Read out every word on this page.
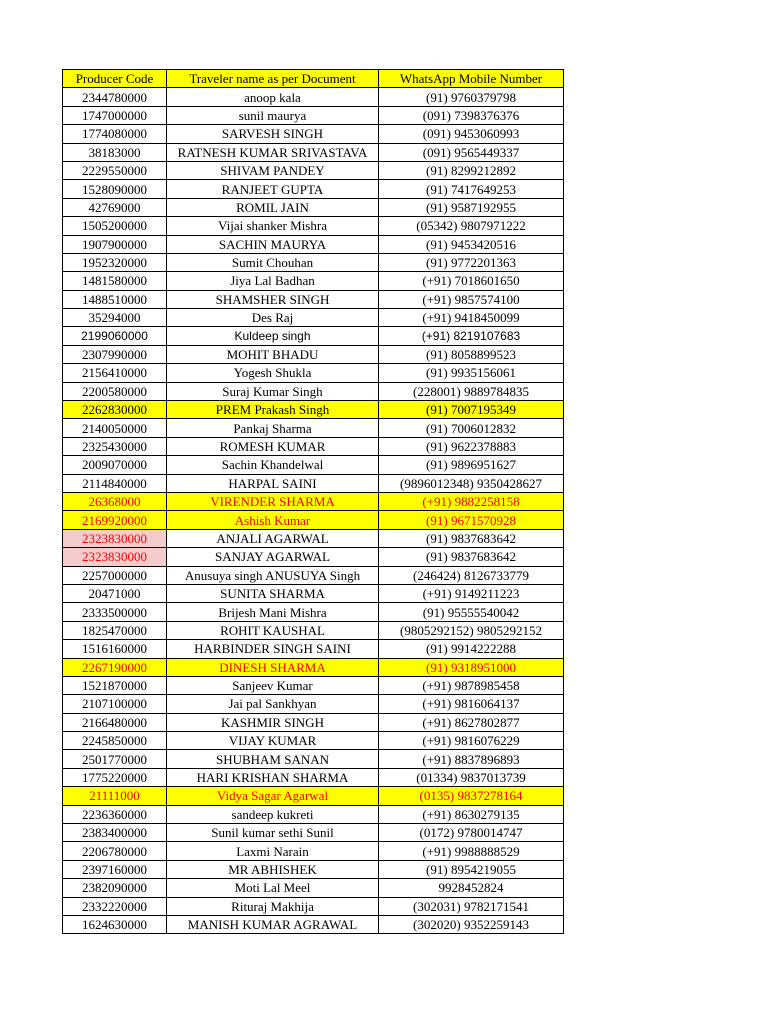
Producer Code	Traveler name as per Document	WhatsApp Mobile Number
2344780000	anoop kala	(91) 9760379798
1747000000	sunil maurya	(091) 7398376376
1774080000	SARVESH SINGH	(091) 9453060993
38183000	RATNESH KUMAR SRIVASTAVA	(091) 9565449337
2229550000	SHIVAM PANDEY	(91) 8299212892
1528090000	RANJEET GUPTA	(91) 7417649253
42769000	ROMIL JAIN	(91) 9587192955
1505200000	Vijai shanker Mishra	(05342) 9807971222
1907900000	SACHIN MAURYA	(91) 9453420516
1952320000	Sumit Chouhan	(91) 9772201363
1481580000	Jiya Lal Badhan	(+91) 7018601650
1488510000	SHAMSHER SINGH	(+91) 9857574100
35294000	Des Raj	(+91) 9418450099
2199060000	Kuldeep singh	(+91) 8219107683
2307990000	MOHIT BHADU	(91) 8058899523
2156410000	Yogesh Shukla	(91) 9935156061
2200580000	Suraj Kumar Singh	(228001) 9889784835
2262830000	PREM Prakash Singh	(91) 7007195349
2140050000	Pankaj Sharma	(91) 7006012832
2325430000	ROMESH KUMAR	(91) 9622378883
2009070000	Sachin Khandelwal	(91) 9896951627
2114840000	HARPAL SAINI	(9896012348) 9350428627
26368000	VIRENDER SHARMA	(+91) 9882258158
2169920000	Ashish Kumar	(91) 9671570928
2323830000	ANJALI AGARWAL	(91) 9837683642
2323830000	SANJAY AGARWAL	(91) 9837683642
2257000000	Anusuya singh ANUSUYA Singh	(246424) 8126733779
20471000	SUNITA SHARMA	(+91) 9149211223
2333500000	Brijesh Mani Mishra	(91) 95555540042
1825470000	ROHIT KAUSHAL	(9805292152) 9805292152
1516160000	HARBINDER SINGH SAINI	(91) 9914222288
2267190000	DINESH SHARMA	(91) 9318951000
1521870000	Sanjeev Kumar	(+91) 9878985458
2107100000	Jai pal Sankhyan	(+91) 9816064137
2166480000	KASHMIR SINGH	(+91) 8627802877
2245850000	VIJAY KUMAR	(+91) 9816076229
2501770000	SHUBHAM SANAN	(+91) 8837896893
1775220000	HARI KRISHAN SHARMA	(01334) 9837013739
21111000	Vidya Sagar Agarwal	(0135) 9837278164
2236360000	sandeep kukreti	(+91) 8630279135
2383400000	Sunil kumar sethi Sunil	(0172) 9780014747
2206780000	Laxmi Narain	(+91) 9988888529
2397160000	MR ABHISHEK	(91) 8954219055
2382090000	Moti Lal Meel	9928452824
2332220000	Rituraj Makhija	(302031) 9782171541
1624630000	MANISH KUMAR AGRAWAL	(302020) 9352259143
